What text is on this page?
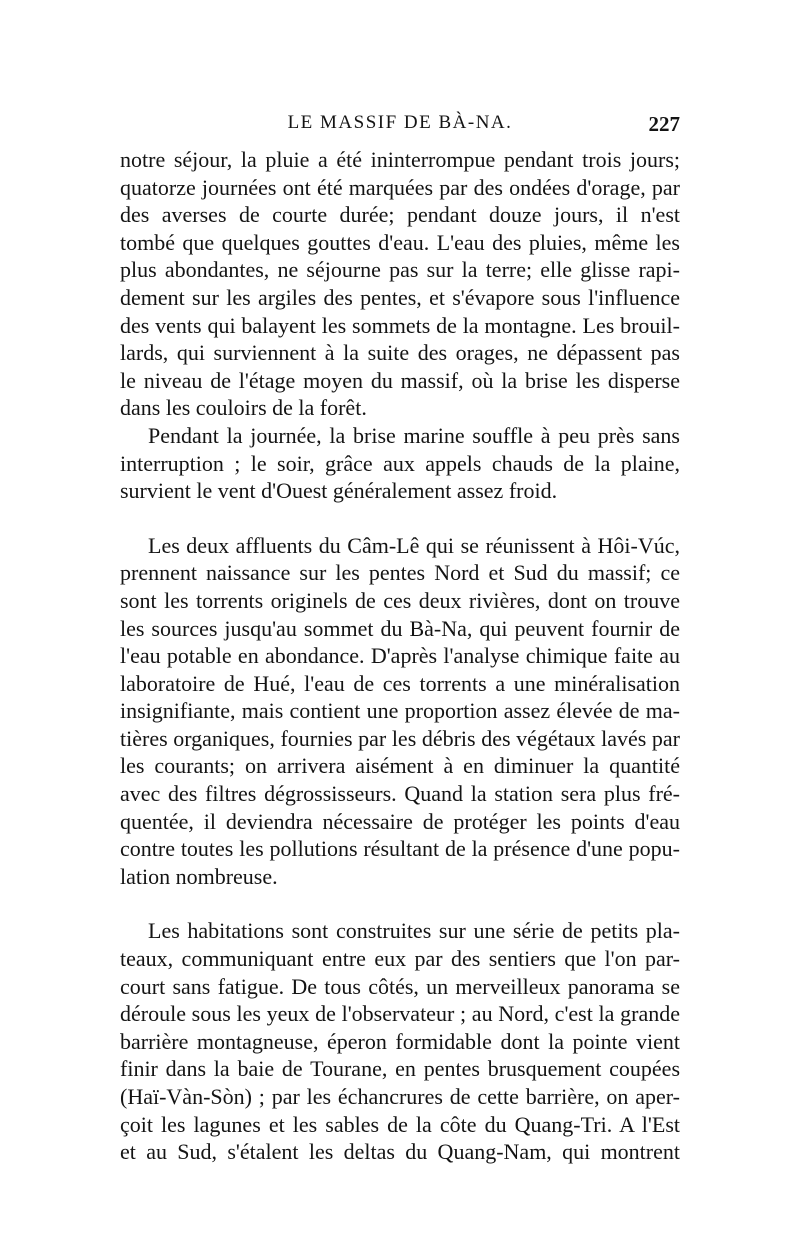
LE MASSIF DE BÀ-NA.	227

notre séjour, la pluie a été ininterrompue pendant trois jours;
quatorze journées ont été marquées par des ondées d'orage, par
des averses de courte durée; pendant douze jours, il n'est
tombé que quelques gouttes d'eau. L'eau des pluies, même les
plus abondantes, ne séjourne pas sur la terre; elle glisse rapi-
dement sur les argiles des pentes, et s'évapore sous l'influence
des vents qui balayent les sommets de la montagne. Les brouil-
lards, qui surviennent à la suite des orages, ne dépassent pas
le niveau de l'étage moyen du massif, où la brise les disperse
dans les couloirs de la forêt.

Pendant la journée, la brise marine souffle à peu près sans
interruption ; le soir, grâce aux appels chauds de la plaine,
survient le vent d'Ouest généralement assez froid.

Les deux affluents du Câm-Lê qui se réunissent à Hôi-Vúc,
prennent naissance sur les pentes Nord et Sud du massif; ce
sont les torrents originels de ces deux rivières, dont on trouve
les sources jusqu'au sommet du Bà-Na, qui peuvent fournir de
l'eau potable en abondance. D'après l'analyse chimique faite au
laboratoire de Hué, l'eau de ces torrents a une minéralisation
insignifiante, mais contient une proportion assez élevée de ma-
tières organiques, fournies par les débris des végétaux lavés par
les courants; on arrivera aisément à en diminuer la quantité
avec des filtres dégrossisseurs. Quand la station sera plus fré-
quentée, il deviendra nécessaire de protéger les points d'eau
contre toutes les pollutions résultant de la présence d'une popu-
lation nombreuse.

Les habitations sont construites sur une série de petits pla-
teaux, communiquant entre eux par des sentiers que l'on par-
court sans fatigue. De tous côtés, un merveilleux panorama se
déroule sous les yeux de l'observateur ; au Nord, c'est la grande
barrière montagneuse, éperon formidable dont la pointe vient
finir dans la baie de Tourane, en pentes brusquement coupées
(Haï-Vàn-Sòn) ; par les échancrures de cette barrière, on aper-
çoit les lagunes et les sables de la côte du Quang-Tri. A l'Est
et au Sud, s'étalent les deltas du Quang-Nam, qui montrent
